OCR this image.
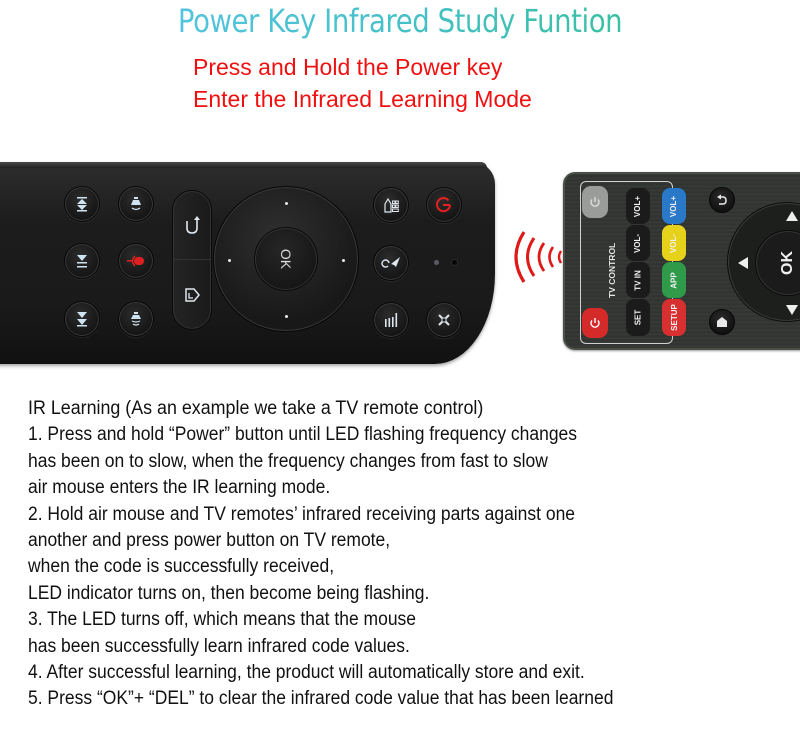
Power Key Infrared Study Funtion
Press and Hold the Power key
Enter the Infrared Learning Mode
OK	TV CONTROL
VOL+
VOL-
TV IN
SET
VOL+
VOL-
APP
SETUP
OK
IR Learning (As an example we take a TV remote control)
1. Press and hold “Power” button until LED flashing frequency changes
has been on to slow, when the frequency changes from fast to slow
air mouse enters the IR learning mode.
2. Hold air mouse and TV remotes’ infrared receiving parts against one
another and press power button on TV remote,
when the code is successfully received,
LED indicator turns on, then become being flashing.
3. The LED turns off, which means that the mouse
has been successfully learn infrared code values.
4. After successful learning, the product will automatically store and exit.
5. Press “OK”+ “DEL” to clear the infrared code value that has been learned
